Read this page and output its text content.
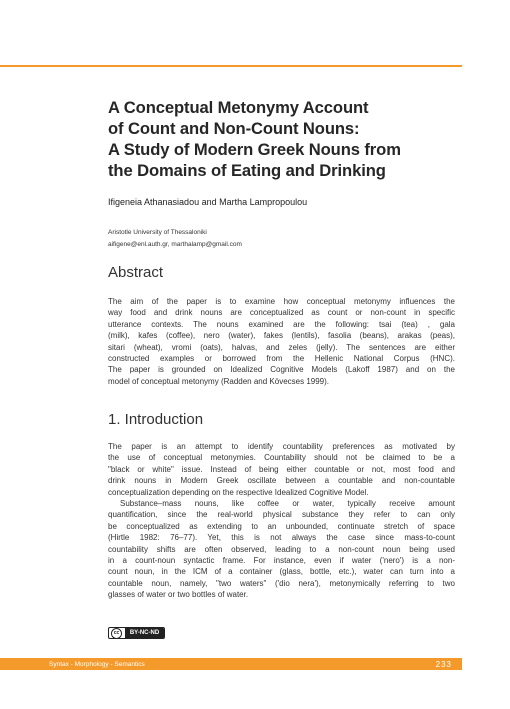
A Conceptual Metonymy Account
of Count and Non-Count Nouns:
A Study of Modern Greek Nouns from
the Domains of Eating and Drinking
Ifigeneia Athanasiadou and Martha Lampropoulou
Aristotle University of Thessaloniki
aifigene@enl.auth.gr, marthalamp@gmail.com
Abstract
The aim of the paper is to examine how conceptual metonymy influences the
way food and drink nouns are conceptualized as count or non-count in specific
utterance contexts. The nouns examined are the following: tsai (tea) , gala
(milk), kafes (coffee), nero (water), fakes (lentils), fasolia (beans), arakas (peas),
sitari (wheat), vromi (oats), halvas, and zeles (jelly). The sentences are either
constructed examples or borrowed from the Hellenic National Corpus (HNC).
The paper is grounded on Idealized Cognitive Models (Lakoff 1987) and on the
model of conceptual metonymy (Radden and Kövecses 1999).
1. Introduction
The paper is an attempt to identify countability preferences as motivated by
the use of conceptual metonymies. Countability should not be claimed to be a
"black or white" issue. Instead of being either countable or not, most food and
drink nouns in Modern Greek oscillate between a countable and non-countable
conceptualization depending on the respective Idealized Cognitive Model.
Substance–mass nouns, like coffee or water, typically receive amount
quantification, since the real-world physical substance they refer to can only
be conceptualized as extending to an unbounded, continuate stretch of space
(Hirtle 1982: 76–77). Yet, this is not always the case since mass-to-count
countability shifts are often observed, leading to a non-count noun being used
in a count-noun syntactic frame. For instance, even if water ('nero') is a non-
count noun, in the ICM of a container (glass, bottle, etc.), water can turn into a
countable noun, namely, "two waters" ('dio nera'), metonymically referring to two
glasses of water or two bottles of water.
cc	BY-NC-ND
Syntax - Morphology - Semantics	233
